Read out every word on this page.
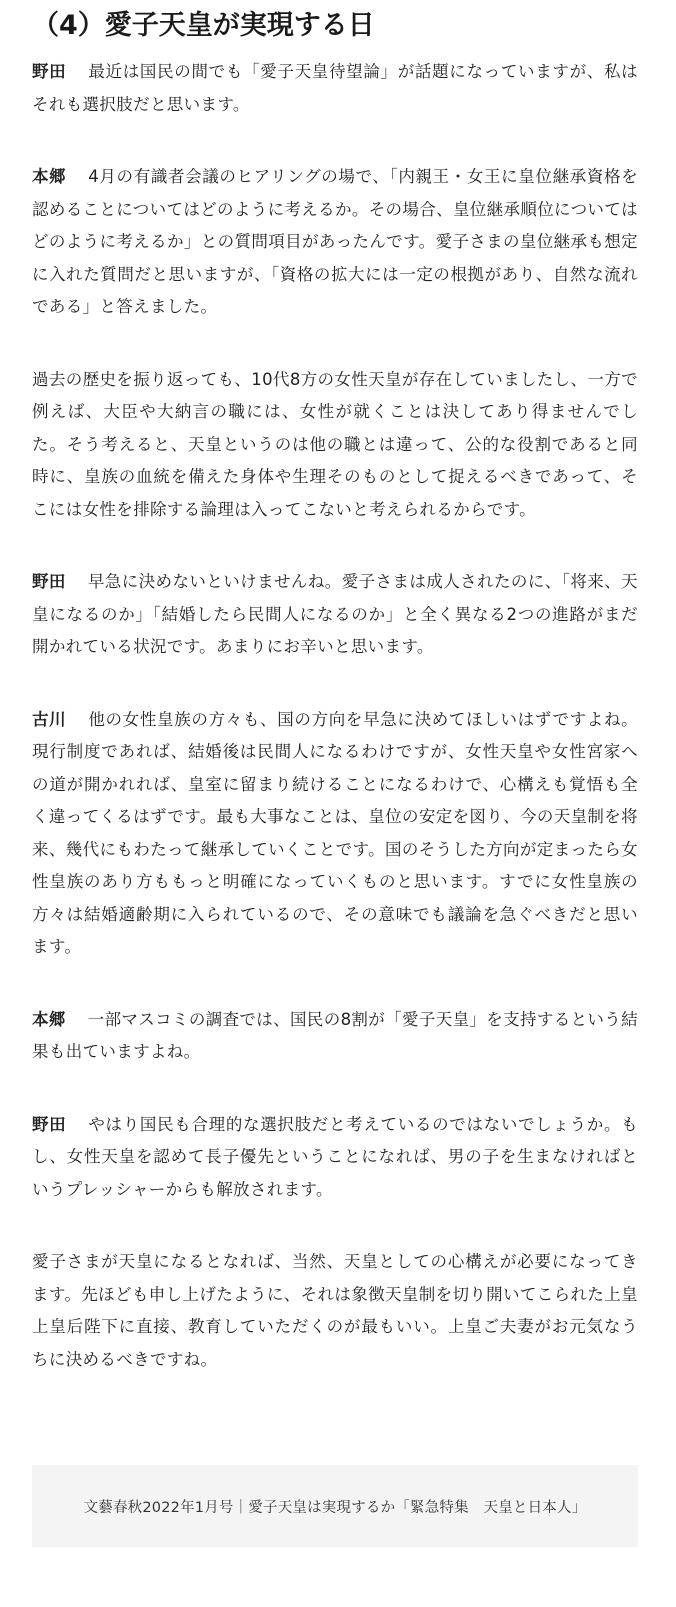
（4）愛子天皇が実現する日

野田 最近は国民の間でも「愛子天皇待望論」が話題になっていますが、私はそれも選択肢だと思います。

本郷 4月の有識者会議のヒアリングの場で、「内親王・女王に皇位継承資格を認めることについてはどのように考えるか。その場合、皇位継承順位についてはどのように考えるか」との質問項目があったんです。愛子さまの皇位継承も想定に入れた質問だと思いますが、「資格の拡大には一定の根拠があり、自然な流れである」と答えました。

過去の歴史を振り返っても、10代8方の女性天皇が存在していましたし、一方で例えば、大臣や大納言の職には、女性が就くことは決してあり得ませんでした。そう考えると、天皇というのは他の職とは違って、公的な役割であると同時に、皇族の血統を備えた身体や生理そのものとして捉えるべきであって、そこには女性を排除する論理は入ってこないと考えられるからです。

野田 早急に決めないといけませんね。愛子さまは成人されたのに、「将来、天皇になるのか」「結婚したら民間人になるのか」と全く異なる2つの進路がまだ開かれている状況です。あまりにお辛いと思います。

古川 他の女性皇族の方々も、国の方向を早急に決めてほしいはずですよね。現行制度であれば、結婚後は民間人になるわけですが、女性天皇や女性宮家への道が開かれれば、皇室に留まり続けることになるわけで、心構えも覚悟も全く違ってくるはずです。最も大事なことは、皇位の安定を図り、今の天皇制を将来、幾代にもわたって継承していくことです。国のそうした方向が定まったら女性皇族のあり方ももっと明確になっていくものと思います。すでに女性皇族の方々は結婚適齢期に入られているので、その意味でも議論を急ぐべきだと思います。

本郷 一部マスコミの調査では、国民の8割が「愛子天皇」を支持するという結果も出ていますよね。

野田 やはり国民も合理的な選択肢だと考えているのではないでしょうか。もし、女性天皇を認めて長子優先ということになれば、男の子を生まなければというプレッシャーからも解放されます。

愛子さまが天皇になるとなれば、当然、天皇としての心構えが必要になってきます。先ほども申し上げたように、それは象徴天皇制を切り開いてこられた上皇上皇后陛下に直接、教育していただくのが最もいい。上皇ご夫妻がお元気なうちに決めるべきですね。

文藝春秋2022年1月号｜愛子天皇は実現するか「緊急特集　天皇と日本人」
